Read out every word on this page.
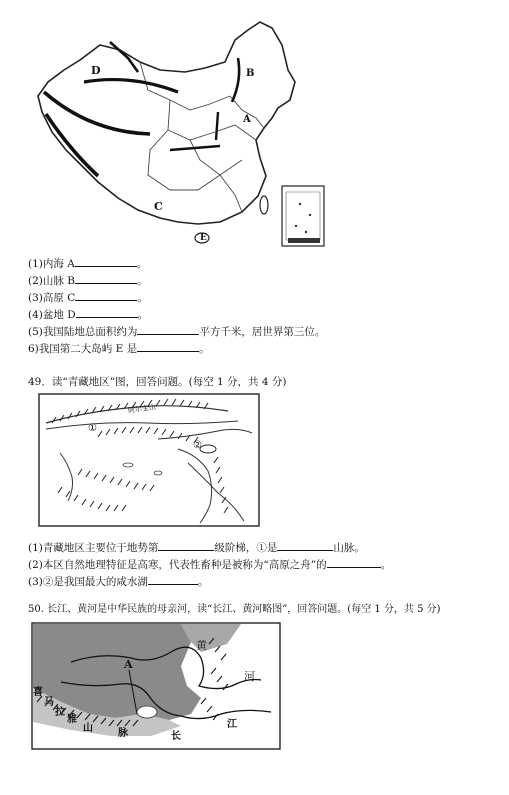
D	B
A
C
E
(1)内海 A	。
(2)山脉 B	。
(3)高原 C	。
(4)盆地 D	。
(5)我国陆地总面积约为	平方千米，居世界第三位。
6)我国第二大岛屿 E 是	。
49．读“青藏地区”图，回答问题。(每空 1 分，共 4 分)
①
②
阿尔金山
(1)青藏地区主要位于地势第	级阶梯，①是	山脉。
(2)本区自然地理特征是高寒，代表性畜种是被称为“高原之舟”的	。
(3)②是我国最大的咸水湖	。
50. 长江、黄河是中华民族的母亲河，读“长江、黄河略图”，回答问题。(每空 1 分，共 5 分)
A
黄
河
喜
马
拉
雅
山	脉	长
江
